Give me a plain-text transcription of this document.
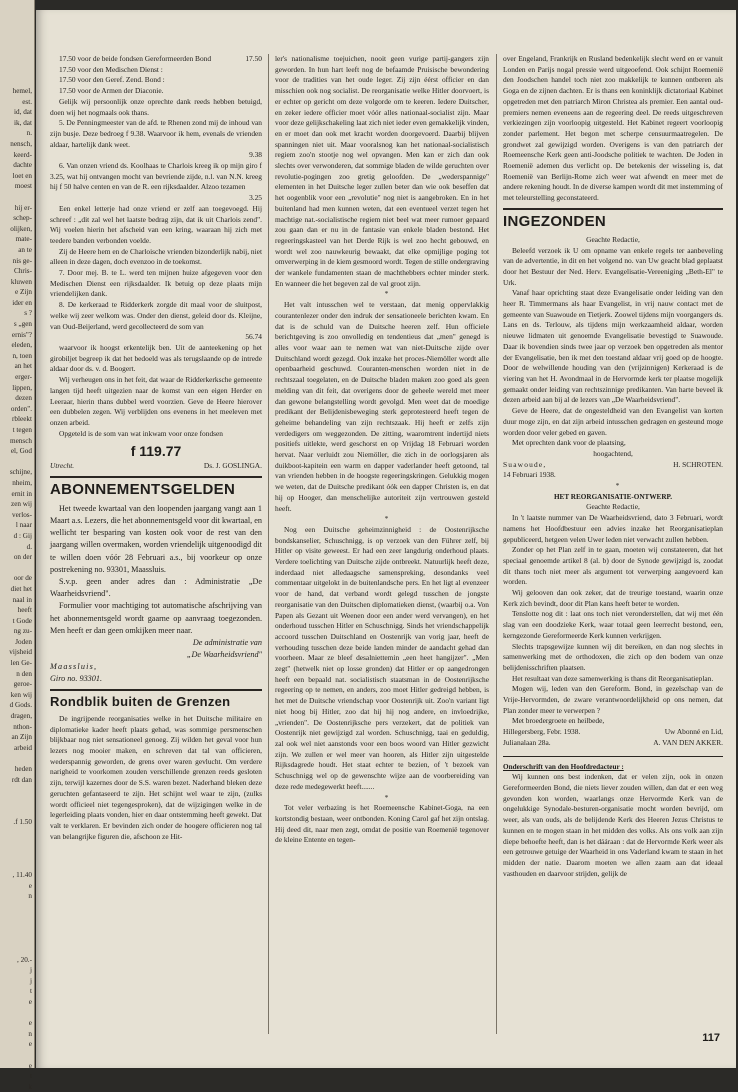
hemel,
est.
id, dat
ik, dat
n.
nensch,
keerd-
dachte
loet en
moest

hij er-
schep-
olijken,
mate-
an te
nis ge-
Chris-
kluwen
e Zijn
ider en
s ?
s „gen
ernis"?
eleden,
n, toen
an het
erger-
lippen,
dezen
orden".
rbleekt
t tegen
mensch
el, God

schijne,
nheim,
ernit in
zen wij
verlos-
l naar
d : Gij
d.
on der

oor de
diet het
naal in
heeft
t Gode
ng zu-
Joden
vijsheid
len Ge-
n den
geroe-
ken wij
d Gods.
dragen,
nthon-
an Zijn
arbeid

heden
rdt dan

.f 1.50

, 11.40
e
n

, 20.-
j
j
t
e

e
n
e

e
t
k

17.50 voor de beide fondsen Gereformeerden Bond	17.50

17.50 voor den Medischen Dienst :

17.50 voor den Geref. Zend. Bond :

17.50 voor de Armen der Diaconie.

Gelijk wij persoonlijk onze oprechte dank reeds hebben betuigd, doen wij het nogmaals ook thans.

5. De Penningmeester van de afd. te Rhenen zond mij de inhoud van zijn busje. Deze bedroeg f 9.38. Waarvoor ik hem, evenals de vrienden aldaar, hartelijk dank weet.

9.38

6. Van onzen vriend ds. Koolhaas te Charlois kreeg ik op mijn giro f 3.25, wat hij ontvangen mocht van bevriende zijde, n.l. van N.N. kreeg hij f 50 halve centen en van de R. een rijksdaalder. Alzoo tezamen

3.25

Een enkel letterje had onze vriend er zelf aan toegevoegd. Hij schreef : „dit zal wel het laatste bedrag zijn, dat ik uit Charlois zend". Wij voelen hierin het afscheid van een kring, waaraan hij zich met teedere banden verbonden voelde.

Zij de Heere hem en de Charloische vrienden bizonderlijk nabij, niet alleen in deze dagen, doch evenzoo in de toekomst.

7. Door mej. B. te L. werd ten mijnen huize afgegeven voor den Medischen Dienst een rijksdaalder. Ik betuig op deze plaats mijn vriendelijken dank.

8. De kerkeraad te Ridderkerk zorgde dit maal voor de sluitpost, welke wij zeer welkom was. Onder den dienst, geleid door ds. Kleijne, van Oud-Beijerland, werd gecollecteerd de som van

56.74

waarvoor ik hoogst erkentelijk ben. Uit de aanteekening op het girobiljet begreep ik dat het bedoeld was als terugslaande op de intrede aldaar door ds. v. d. Boogert.

Wij verheugen ons in het feit, dat waar de Ridderkerksche gemeente langen tijd heeft uitgezien naar de komst van een eigen Herder en Leeraar, hierin thans dubbel werd voorzien. Geve de Heere hierover een dubbelen zegen. Wij verblijden ons evenens in het meeleven met onzen arbeid.

Opgeteld is de som van wat inkwam voor onze fondsen

f 119.77
Utrecht.	Ds. J. GOSLINGA.
ABONNEMENTSGELDEN

Het tweede kwartaal van den loopenden jaargang vangt aan 1 Maart a.s. Lezers, die het abonnementsgeld voor dit kwartaal, en wellicht ter besparing van kosten ook voor de rest van den jaargang willen overmaken, worden vriendelijk uitgenoodigd dit te willen doen vóór 28 Februari a.s., bij voorkeur op onze postrekening no. 93301, Maassluis.

S.v.p. geen ander adres dan : Administratie „De Waarheidsvriend".

Formulier voor machtiging tot automatische afschrijving van het abonnementsgeld wordt gaarne op aanvraag toegezonden. Men heeft er dan geen omkijken meer naar.

De administratie van

„De Waarheidsvriend"

Maassluis,

Giro no. 93301.

Rondblik buiten de Grenzen

De ingrijpende reorganisaties welke in het Duitsche militaire en diplomatieke kader heeft plaats gehad, was sommige persmenschen blijkbaar nog niet sensationeel genoeg. Zij wilden het geval voor hun lezers nog mooier maken, en schreven dat tal van officieren, wederspannig geworden, de grens over waren gevlucht. Om verdere narigheid te voorkomen zouden verschillende grenzen reeds gesloten zijn, terwijl kazernes door de S.S. waren bezet. Naderhand bleken deze geruchten gefantaseerd te zijn. Het schijnt wel waar te zijn, (zulks wordt officieel niet tegengesproken), dat de wijzigingen welke in de legerleiding plaats vonden, hier en daar ontstemming heeft gewekt. Dat valt te verklaren. Er bevinden zich onder de hoogere officieren nog tal van belangrijke figuren die, afschoon ze Hit-

ler's nationalisme toejuichen, nooit geen vurige partij-gangers zijn geworden. In hun hart leeft nog de befaamde Pruisische bewondering voor de tradities van het oude leger. Zij zijn éérst officier en dan misschien ook nog socialist. De reorganisatie welke Hitler doorvoert, is er echter op gericht om deze volgorde om te keeren. Iedere Duitscher, en zeker iedere officier moet vóór alles nationaal-socialist zijn. Maar voor deze gelijkschakeling laat zich niet ieder even gemakkelijk vinden, en er moet dan ook met kracht worden doorgevoerd. Daarbij blijven spanningen niet uit. Maar vooralsnog kan het nationaal-socialistisch regiem zoo'n stootje nog wel opvangen. Men kan er zich dan ook slechts over verwonderen, dat sommige bladen de wilde geruchten over revolutie-pogingen zoo gretig geloofden. De „wederspannige" elementen in het Duitsche leger zullen beter dan wie ook beseffen dat het oogenblik voor een „revolutie" nog niet is aangebroken. En in het buitenland had men kunnen weten, dat een eventueel verzet tegen het machtige nat.-socialistische regiem niet beel wat meer rumoer gepaard zou gaan dan er nu in de fantasie van enkele bladen bestond. Het regeeringskasteel van het Derde Rijk is wel zoo hecht gebouwd, en wordt wel zoo nauwkeurig bewaakt, dat elke opmijlige poging tot omverwerping in de kiem gesmoord wordt. Tegen de stille ondergraving der wankele fundamenten staan de machthebbers echter minder sterk. En wanneer die het begeven zal de val groot zijn.

*

Het valt intusschen wel te verstaan, dat menig oppervlakkig courantenlezer onder den indruk der sensationeele berichten kwam. En dat is de schuld van de Duitsche heeren zelf. Hun officiele berichtgeving is zoo onvolledig en tendentieus dat „men" genegd is alles voor waar aan te nemen wat van niet-Duitsche zijde over Duitschland wordt gezegd. Ook inzake het proces-Niemöller wordt alle openbaarheid geschuwd. Couranten-menschen worden niet in de rechtszaal toegelaten, en de Duitsche bladen maken zoo goed als geen melding van dit feit, dat overigens door de geheele wereld met meer dan gewone belangstelling wordt gevolgd. Men weet dat de moedige predikant der Belijdenisbeweging sterk geprotesteerd heeft tegen de geheime behandeling van zijn rechtszaak. Hij heeft er zelfs zijn verdedigers om weggezonden. De zitting, waaromtrent indertijd niets positiefs uitlekte, werd geschorst en op Vrijdag 18 Februari worden hervat. Naar verluidt zou Niemöller, die zich in de oorlogsjaren als duikboot-kapitein een warm en dapper vaderlander heeft getoond, tal van vrienden hebben in de hoogste regeeringskringen. Gelukkig mogen we weten, dat de Duitsche predikant óók een dapper Christen is, en dat hij op Hooger, dan menschelijke autoriteit zijn vertrouwen gesteld heeft.

*

Nog een Duitsche geheimzinnigheid : de Oostenrijksche bondskanselier, Schuschnigg, is op verzoek van den Führer zelf, bij Hitler op visite geweest. Er had een zeer langdurig onderhoud plaats. Verdere toelichting van Duitsche zijde ontbreekt. Natuurlijk heeft deze, inderdaad niet alledaagsche samenspreking, desondanks veel commentaar uitgelokt in de buitenlandsche pers. En het ligt al evenzeer voor de hand, dat verband wordt gelegd tusschen de jongste reorganisatie van den Duitschen diplomatieken dienst, (waarbij o.a. Von Papen als Gezant uit Weenen door een ander werd vervangen), en het onderhoud tusschen Hitler en Schuschnigg. Sinds het vriendschappelijk accoord tusschen Duitschland en Oostenrijk van vorig jaar, heeft de verhouding tusschen deze beide landen minder de aandacht gehad dan voorheen. Maar ze bleef desalniettemin „een heet hangijzer". „Men zegt" (hetwelk niet op losse gronden) dat Hitler er op aangedrongen heeft een bepaald nat. socialistisch staatsman in de Oostenrijksche regeering op te nemen, en anders, zoo moet Hitler gedreigd hebben, is het met de Duitsche vriendschap voor Oostenrijk uit. Zoo'n variant ligt niet hoog bij Hitler, zoo dat hij hij nog andere, en invloedrijke, „vrienden". De Oostenrijksche pers verzekert, dat de politiek van Oostenrijk niet gewijzigd zal worden. Schuschnigg, taai en geduldig, zal ook wel niet aanstonds voor een boos woord van Hitler gezwicht zijn. We zullen er wel meer van hooren, als Hitler zijn uitgestelde Rijksdagrede houdt. Het staat echter te bezien, of 't bezoek van Schuschnigg wel op de gewenschte wijze aan de voorbereiding van deze rede medegewerkt heeft.......

*

Tot veler verbazing is het Roemeensche Kabinet-Goga, na een kortstondig bestaan, weer ontbonden. Koning Carol gaf het zijn ontslag. Hij deed dit, naar men zegt, omdat de positie van Roemenië tegenover de kleine Entente en tegen-

over Engeland, Frankrijk en Rusland bedenkelijk slecht werd en er vanuit Londen en Parijs nogal pressie werd uitgeoefend. Ook schijnt Roemenië den Joodschen handel toch niet zoo makkelijk te kunnen ontberen als Goga en de zijnen dachten. Er is thans een koninklijk dictatoriaal Kabinet opgetreden met den patriarch Miron Christea als premier. Een aantal oud-premiers nemen eveneens aan de regeering deel. De reeds uitgeschreven verkiezingen zijn voorloopig uitgesteld. Het Kabinet regeert voorloopig zonder parlement. Het begon met scherpe censuurmaatregelen. De grondwet zal gewijzigd worden. Overigens is van den patriarch der Roemeensche Kerk geen anti-Joodsche politiek te wachten. De Joden in Roemenië ademen dus verlicht op. De betekenis der wisseling is, dat Roemenië van Berlijn-Rome zich weer wat afwendt en meer met de andere rekening houdt. In de diverse kampen wordt dit met instemming of met teleurstelling geconstateerd.

INGEZONDEN

Geachte Redactie,

Beleefd verzoek ik U om opname van enkele regels ter aanbeveling van de advertentie, in dit en het volgend no. van Uw geacht blad geplaatst door het Bestuur der Ned. Herv. Evangelisatie-Vereeniging „Beth-El" te Urk.

Vanaf haar oprichting staat deze Evangelisatie onder leiding van den heer R. Timmermans als haar Evangelist, in vrij nauw contact met de gemeente van Suawoude en Tietjerk. Zoowel tijdens mijn voorgangers ds. Lans en ds. Terlouw, als tijdens mijn werkzaamheid aldaar, worden nieuwe lidmaten uit genoemde Evangelisatie bevestigd te Suawoude. Daar ik bovendien sinds twee jaar op verzoek ben opgetreden als mentor der Evangelisatie, ben ik met den toestand aldaar vrij goed op de hoogte. Door de welwillende houding van den (vrijzinnigen) Kerkeraad is de viering van het H. Avondmaal in de Hervormde kerk ter plaatse mogelijk gemaakt onder leiding van rechtszinnige predikanten. Van harte beveel ik dezen arbeid aan bij al de lezers van „De Waarheidsvriend".

Geve de Heere, dat de ongesteldheid van den Evangelist van korten duur moge zijn, en dat zijn arbeid intusschen gedragen en gesteund moge worden door veler gebed en gaven.

Met oprechten dank voor de plaatsing,

hoogachtend,

Suawoude,	H. SCHROTEN.

14 Februari 1938.

*

HET REORGANISATIE-ONTWERP.

Geachte Redactie,

In 't laatste nummer van De Waarheidsvriend, dato 3 Februari, wordt namens het Hoofdbestuur een advies inzake het Reorganisatieplan gepubliceerd, hetgeen velen Uwer leden niet verwacht zullen hebben.

Zonder op het Plan zelf in te gaan, moeten wij constateeren, dat het speciaal genoemde artikel 8 (al. b) door de Synode gewijzigd is, zoodat dit thans toch niet meer als argument tot verwerping aangevoerd kan worden.

Wij gelooven dan ook zeker, dat de treurige toestand, waarin onze Kerk zich bevindt, door dit Plan kans heeft beter te worden.

Tenslotte nog dit : laat ons toch niet veronderstellen, dat wij met één slag van een doodzieke Kerk, waar totaal geen leerrecht bestond, een, kerngezonde Gereformeerde Kerk kunnen verkrijgen.

Slechts trapsgewijze kunnen wij dit bereiken, en dan nog slechts in samenwerking met de orthodoxen, die zich op den bodem van onze belijdenisschriften plaatsen.

Het resultaat van deze samenwerking is thans dit Reorganisatieplan.

Mogen wij, leden van den Gereform. Bond, in gezelschap van de Vrije-Hervormden, de zware verantwoordelijkheid op ons nemen, dat Plan zonder meer te verwerpen ?

Met broedergroete en heilbede,

Hillegersberg, Febr. 1938.	Uw Abonné en Lid,
Julianalaan 28a.	A. VAN DEN AKKER.

Onderschrift van den Hoofdredacteur :

Wij kunnen ons best indenken, dat er velen zijn, ook in onzen Gereformeerden Bond, die niets liever zouden willen, dan dat er een weg gevonden kon worden, waarlangs onze Hervormde Kerk van de ongelukkige Synodale-besturen-organisatie mocht worden bevrijd, om weer, als van ouds, als de belijdende Kerk des Heeren Jezus Christus te kunnen en te mogen staan in het midden des volks. Als ons volk aan zijn diepe behoefte heeft, dan is het dááraan : dat de Hervormde Kerk weer als een getrouwe getuige der Waarheid in ons Vaderland kwam te staan in het midden der natie. Daarom moeten we allen zaam aan dat ideaal vasthouden en daarvoor strijden, gelijk de

117
